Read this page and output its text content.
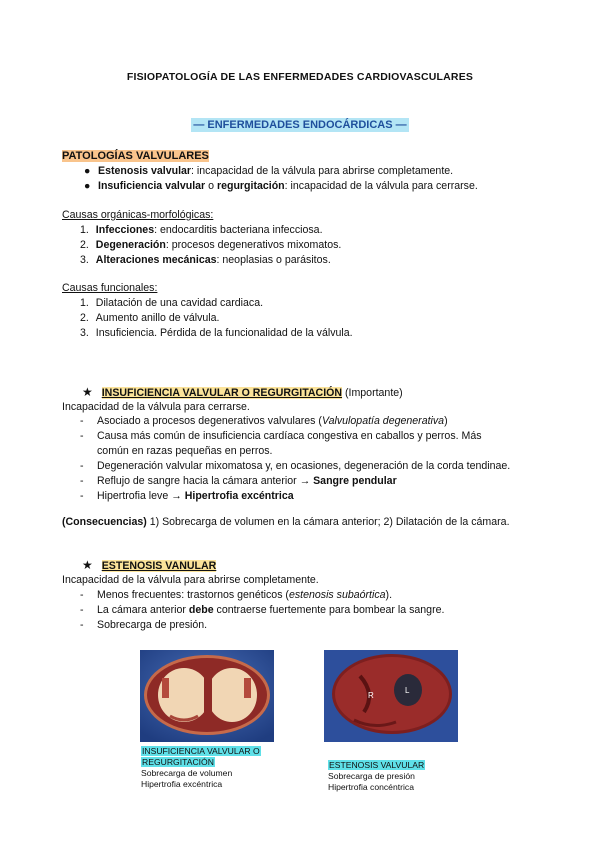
FISIOPATOLOGÍA DE LAS ENFERMEDADES CARDIOVASCULARES
— ENFERMEDADES ENDOCÁRDICAS —
PATOLOGÍAS VALVULARES
● Estenosis valvular: incapacidad de la válvula para abrirse completamente.
● Insuficiencia valvular o regurgitación: incapacidad de la válvula para cerrarse.
Causas orgánicas-morfológicas:
1. Infecciones: endocarditis bacteriana infecciosa.
2. Degeneración: procesos degenerativos mixomatos.
3. Alteraciones mecánicas: neoplasias o parásitos.
Causas funcionales:
1. Dilatación de una cavidad cardiaca.
2. Aumento anillo de válvula.
3. Insuficiencia. Pérdida de la funcionalidad de la válvula.
★ INSUFICIENCIA VALVULAR O REGURGITACIÓN (Importante)
Incapacidad de la válvula para cerrarse.
- Asociado a procesos degenerativos valvulares (Valvulopatía degenerativa)
- Causa más común de insuficiencia cardíaca congestiva en caballos y perros. Más
común en razas pequeñas en perros.
- Degeneración valvular mixomatosa y, en ocasiones, degeneración de la corda tendinae.
- Reflujo de sangre hacia la cámara anterior → Sangre pendular
- Hipertrofia leve → Hipertrofia excéntrica
(Consecuencias) 1) Sobrecarga de volumen en la cámara anterior; 2) Dilatación de la cámara.
★ ESTENOSIS VANULAR
Incapacidad de la válvula para abrirse completamente.
- Menos frecuentes: trastornos genéticos (estenosis subaórtica).
- La cámara anterior debe contraerse fuertemente para bombear la sangre.
- Sobrecarga de presión.
INSUFICIENCIA VALVULAR O
REGURGITACIÓN
Sobrecarga de volumen
Hipertrofia excéntrica
R
L
ESTENOSIS VALVULAR
Sobrecarga de presión
Hipertrofia concéntrica
